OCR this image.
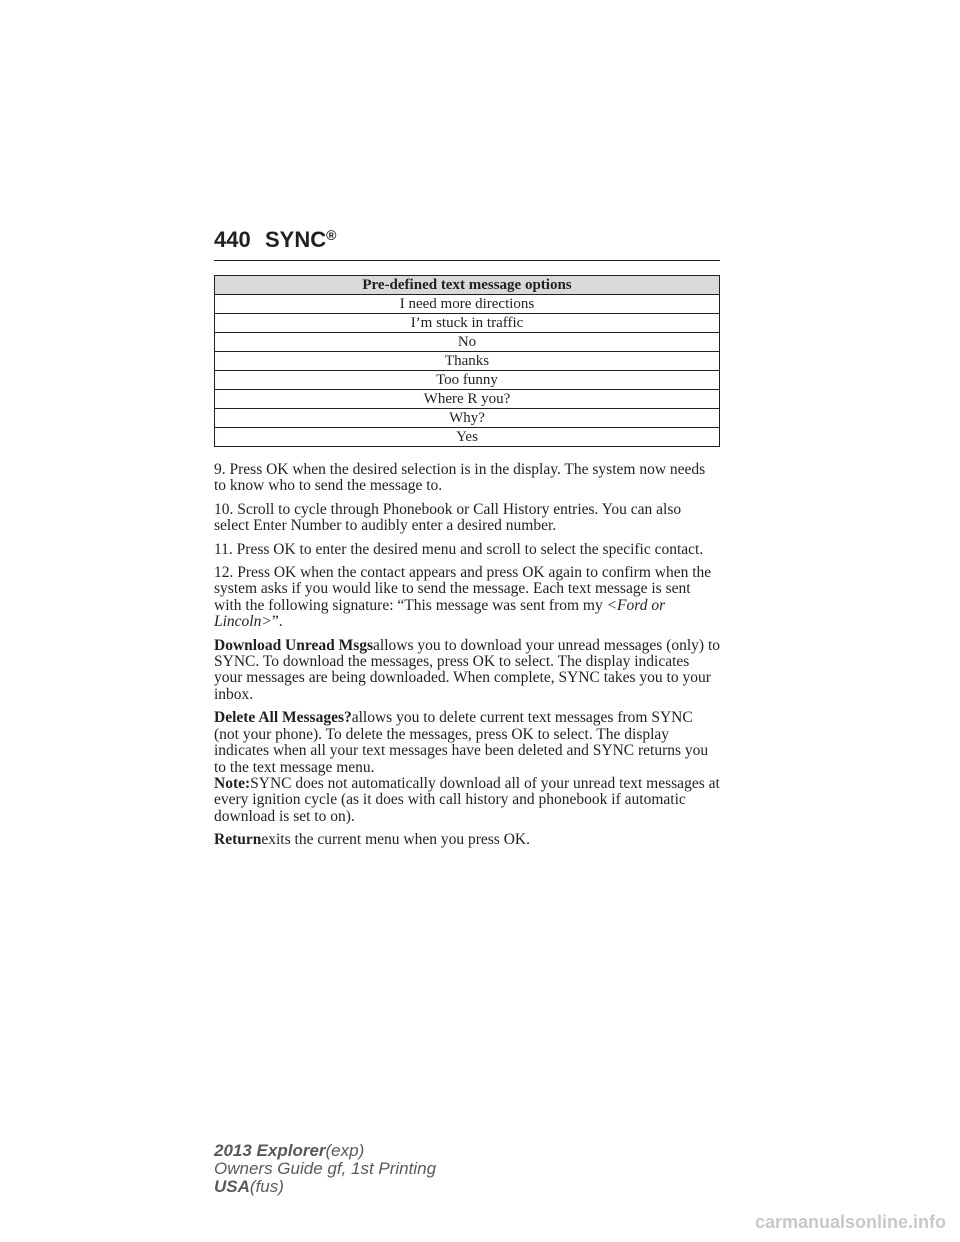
440 SYNC®
Pre-defined text message options
I need more directions
I’m stuck in traffic
No
Thanks
Too funny
Where R you?
Why?
Yes

9. Press OK when the desired selection is in the display. The system now needs to know who to send the message to.

10. Scroll to cycle through Phonebook or Call History entries. You can also select Enter Number to audibly enter a desired number.

11. Press OK to enter the desired menu and scroll to select the specific contact.

12. Press OK when the contact appears and press OK again to confirm when the system asks if you would like to send the message. Each text message is sent with the following signature: “This message was sent from my <Ford or Lincoln>”.

Download Unread Msgsallows you to download your unread messages (only) to SYNC. To download the messages, press OK to select. The display indicates your messages are being downloaded. When complete, SYNC takes you to your inbox.

Delete All Messages?allows you to delete current text messages from SYNC (not your phone). To delete the messages, press OK to select. The display indicates when all your text messages have been deleted and SYNC returns you to the text message menu.

Note:SYNC does not automatically download all of your unread text messages at every ignition cycle (as it does with call history and phonebook if automatic download is set to on).

Returnexits the current menu when you press OK.

2013 Explorer(exp)
Owners Guide gf, 1st Printing
USA(fus)
carmanualsonline.info
